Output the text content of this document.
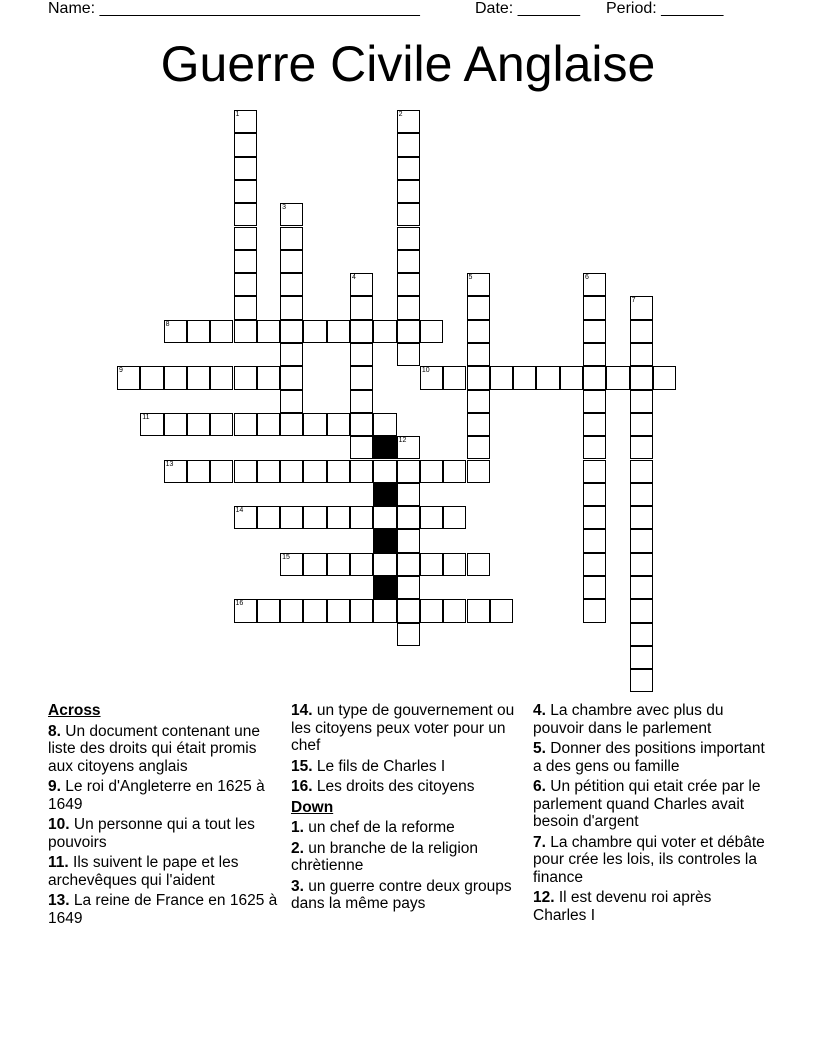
Name: ____________________________________	Date: _______ Period: _______
Guerre Civile Anglaise
1	2
3
4	5	6
7
8
9	10
11
12
13
14
15
16
Across
8. Un document contenant une liste des droits qui était promis aux citoyens anglais
9. Le roi d'Angleterre en 1625 à 1649
10. Un personne qui a tout les pouvoirs
11. Ils suivent le pape et les archevêques qui l'aident
13. La reine de France en 1625 à 1649
14. un type de gouvernement ou les citoyens peux voter pour un chef
15. Le fils de Charles I
16. Les droits des citoyens
Down
1. un chef de la reforme
2. un branche de la religion chrètienne
3. un guerre contre deux groups dans la même pays
4. La chambre avec plus du pouvoir dans le parlement
5. Donner des positions important a des gens ou famille
6. Un pétition qui etait crée par le parlement quand Charles avait besoin d'argent
7. La chambre qui voter et débâte pour crée les lois, ils controles la finance
12. Il est devenu roi après Charles I
